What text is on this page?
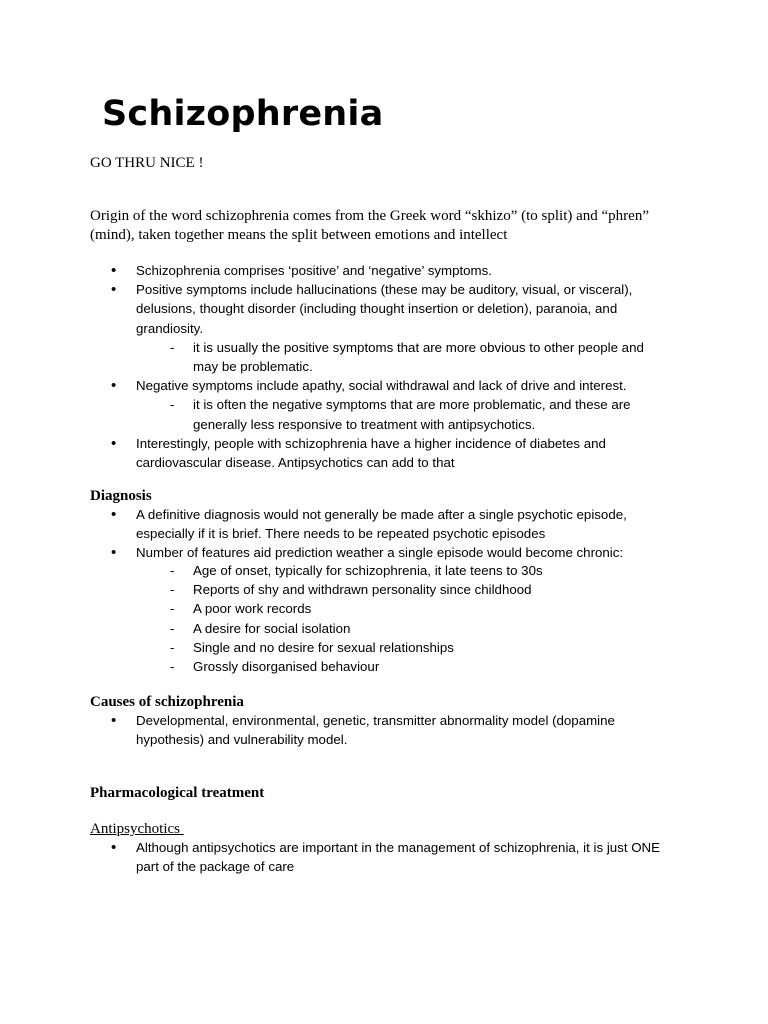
Schizophrenia

GO THRU NICE !

Origin of the word schizophrenia comes from the Greek word “skhizo” (to split) and “phren” (mind), taken together means the split between emotions and intellect

• Schizophrenia comprises ‘positive’ and ‘negative’ symptoms.
• Positive symptoms include hallucinations (these may be auditory, visual, or visceral), delusions, thought disorder (including thought insertion or deletion), paranoia, and grandiosity.
- it is usually the positive symptoms that are more obvious to other people and may be problematic.
• Negative symptoms include apathy, social withdrawal and lack of drive and interest.
- it is often the negative symptoms that are more problematic, and these are generally less responsive to treatment with antipsychotics.
• Interestingly, people with schizophrenia have a higher incidence of diabetes and cardiovascular disease. Antipsychotics can add to that

Diagnosis

• A definitive diagnosis would not generally be made after a single psychotic episode, especially if it is brief. There needs to be repeated psychotic episodes
• Number of features aid prediction weather a single episode would become chronic:
- Age of onset, typically for schizophrenia, it late teens to 30s
- Reports of shy and withdrawn personality since childhood
- A poor work records
- A desire for social isolation
- Single and no desire for sexual relationships
- Grossly disorganised behaviour

Causes of schizophrenia

• Developmental, environmental, genetic, transmitter abnormality model (dopamine hypothesis) and vulnerability model.

Pharmacological treatment

Antipsychotics

• Although antipsychotics are important in the management of schizophrenia, it is just ONE part of the package of care
